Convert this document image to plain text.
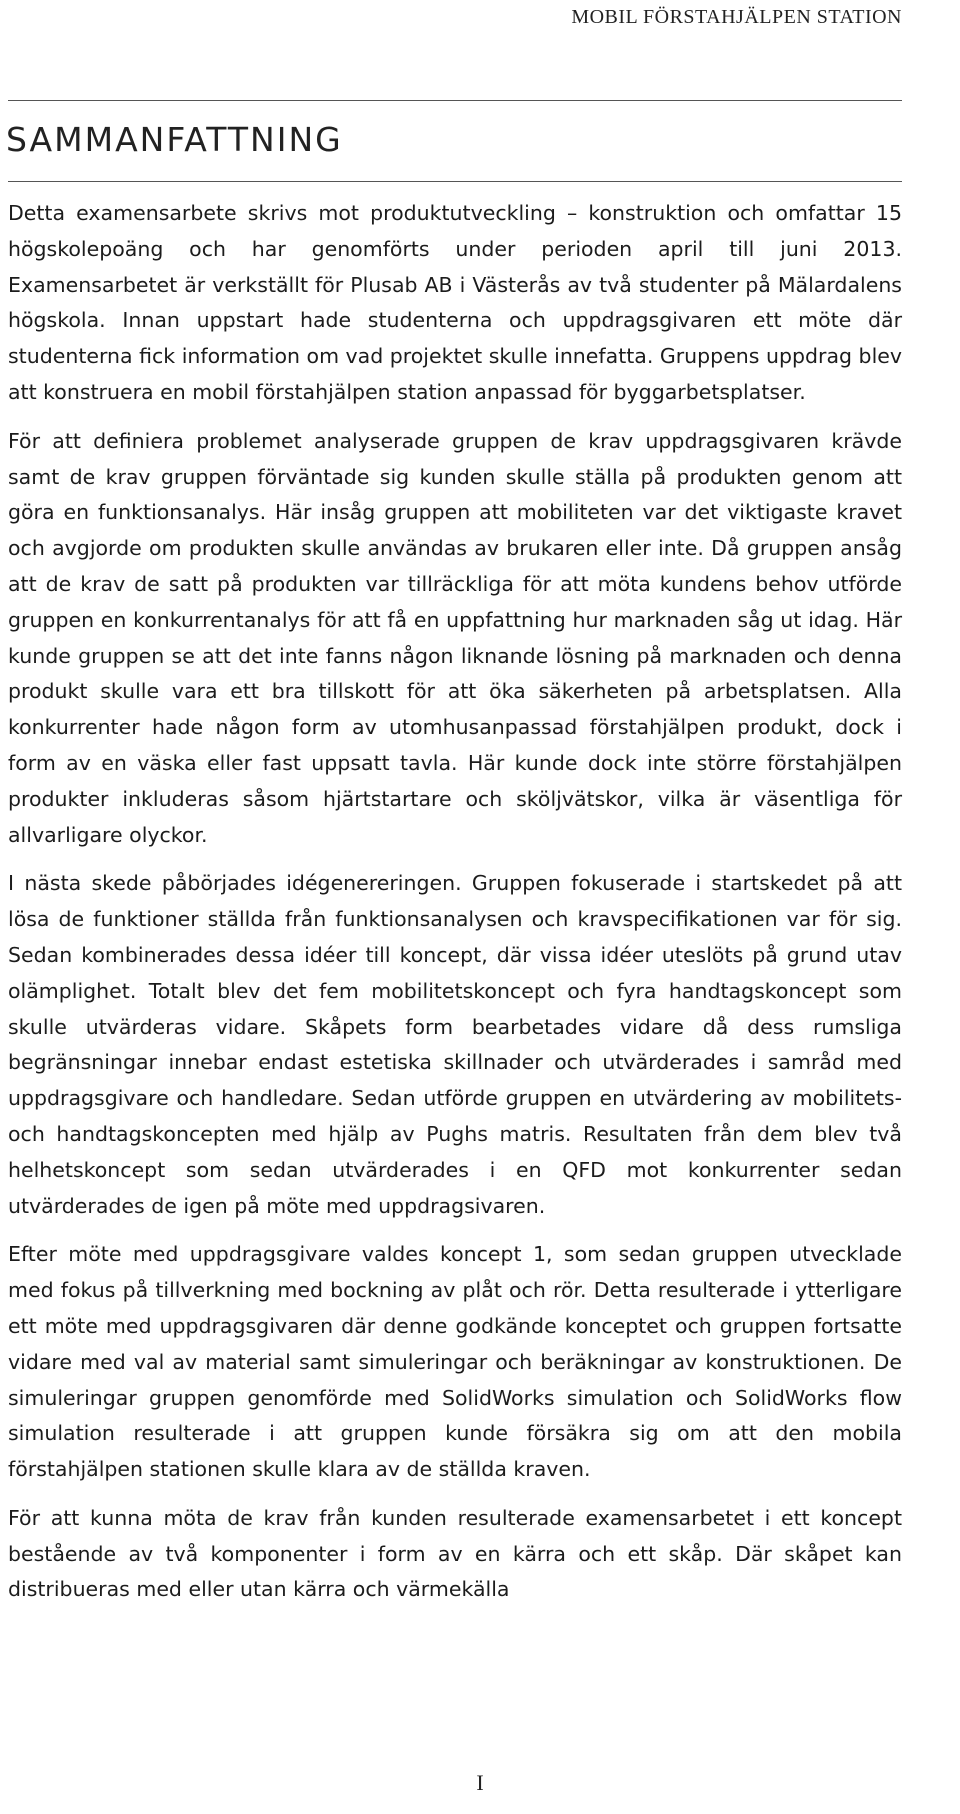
MOBIL FÖRSTAHJÄLPEN STATION
SAMMANFATTNING

Detta examensarbete skrivs mot produktutveckling – konstruktion och omfattar 15 högskolepoäng och har genomförts under perioden april till juni 2013. Examensarbetet är verkställt för Plusab AB i Västerås av två studenter på Mälardalens högskola. Innan uppstart hade studenterna och uppdragsgivaren ett möte där studenterna fick information om vad projektet skulle innefatta. Gruppens uppdrag blev att konstruera en mobil förstahjälpen station anpassad för byggarbetsplatser.

För att definiera problemet analyserade gruppen de krav uppdragsgivaren krävde samt de krav gruppen förväntade sig kunden skulle ställa på produkten genom att göra en funktionsanalys. Här insåg gruppen att mobiliteten var det viktigaste kravet och avgjorde om produkten skulle användas av brukaren eller inte. Då gruppen ansåg att de krav de satt på produkten var tillräckliga för att möta kundens behov utförde gruppen en konkurrentanalys för att få en uppfattning hur marknaden såg ut idag. Här kunde gruppen se att det inte fanns någon liknande lösning på marknaden och denna produkt skulle vara ett bra tillskott för att öka säkerheten på arbetsplatsen. Alla konkurrenter hade någon form av utomhusanpassad förstahjälpen produkt, dock i form av en väska eller fast uppsatt tavla. Här kunde dock inte större förstahjälpen produkter inkluderas såsom hjärtstartare och sköljvätskor, vilka är väsentliga för allvarligare olyckor.

I nästa skede påbörjades idégenereringen. Gruppen fokuserade i startskedet på att lösa de funktioner ställda från funktionsanalysen och kravspecifikationen var för sig. Sedan kombinerades dessa idéer till koncept, där vissa idéer uteslöts på grund utav olämplighet. Totalt blev det fem mobilitetskoncept och fyra handtagskoncept som skulle utvärderas vidare. Skåpets form bearbetades vidare då dess rumsliga begränsningar innebar endast estetiska skillnader och utvärderades i samråd med uppdragsgivare och handledare. Sedan utförde gruppen en utvärdering av mobilitets- och handtagskoncepten med hjälp av Pughs matris. Resultaten från dem blev två helhetskoncept som sedan utvärderades i en QFD mot konkurrenter sedan utvärderades de igen på möte med uppdragsivaren.

Efter möte med uppdragsgivare valdes koncept 1, som sedan gruppen utvecklade med fokus på tillverkning med bockning av plåt och rör. Detta resulterade i ytterligare ett möte med uppdragsgivaren där denne godkände konceptet och gruppen fortsatte vidare med val av material samt simuleringar och beräkningar av konstruktionen. De simuleringar gruppen genomförde med SolidWorks simulation och SolidWorks flow simulation resulterade i att gruppen kunde försäkra sig om att den mobila förstahjälpen stationen skulle klara av de ställda kraven.

För att kunna möta de krav från kunden resulterade examensarbetet i ett koncept bestående av två komponenter i form av en kärra och ett skåp. Där skåpet kan distribueras med eller utan kärra och värmekälla

I
